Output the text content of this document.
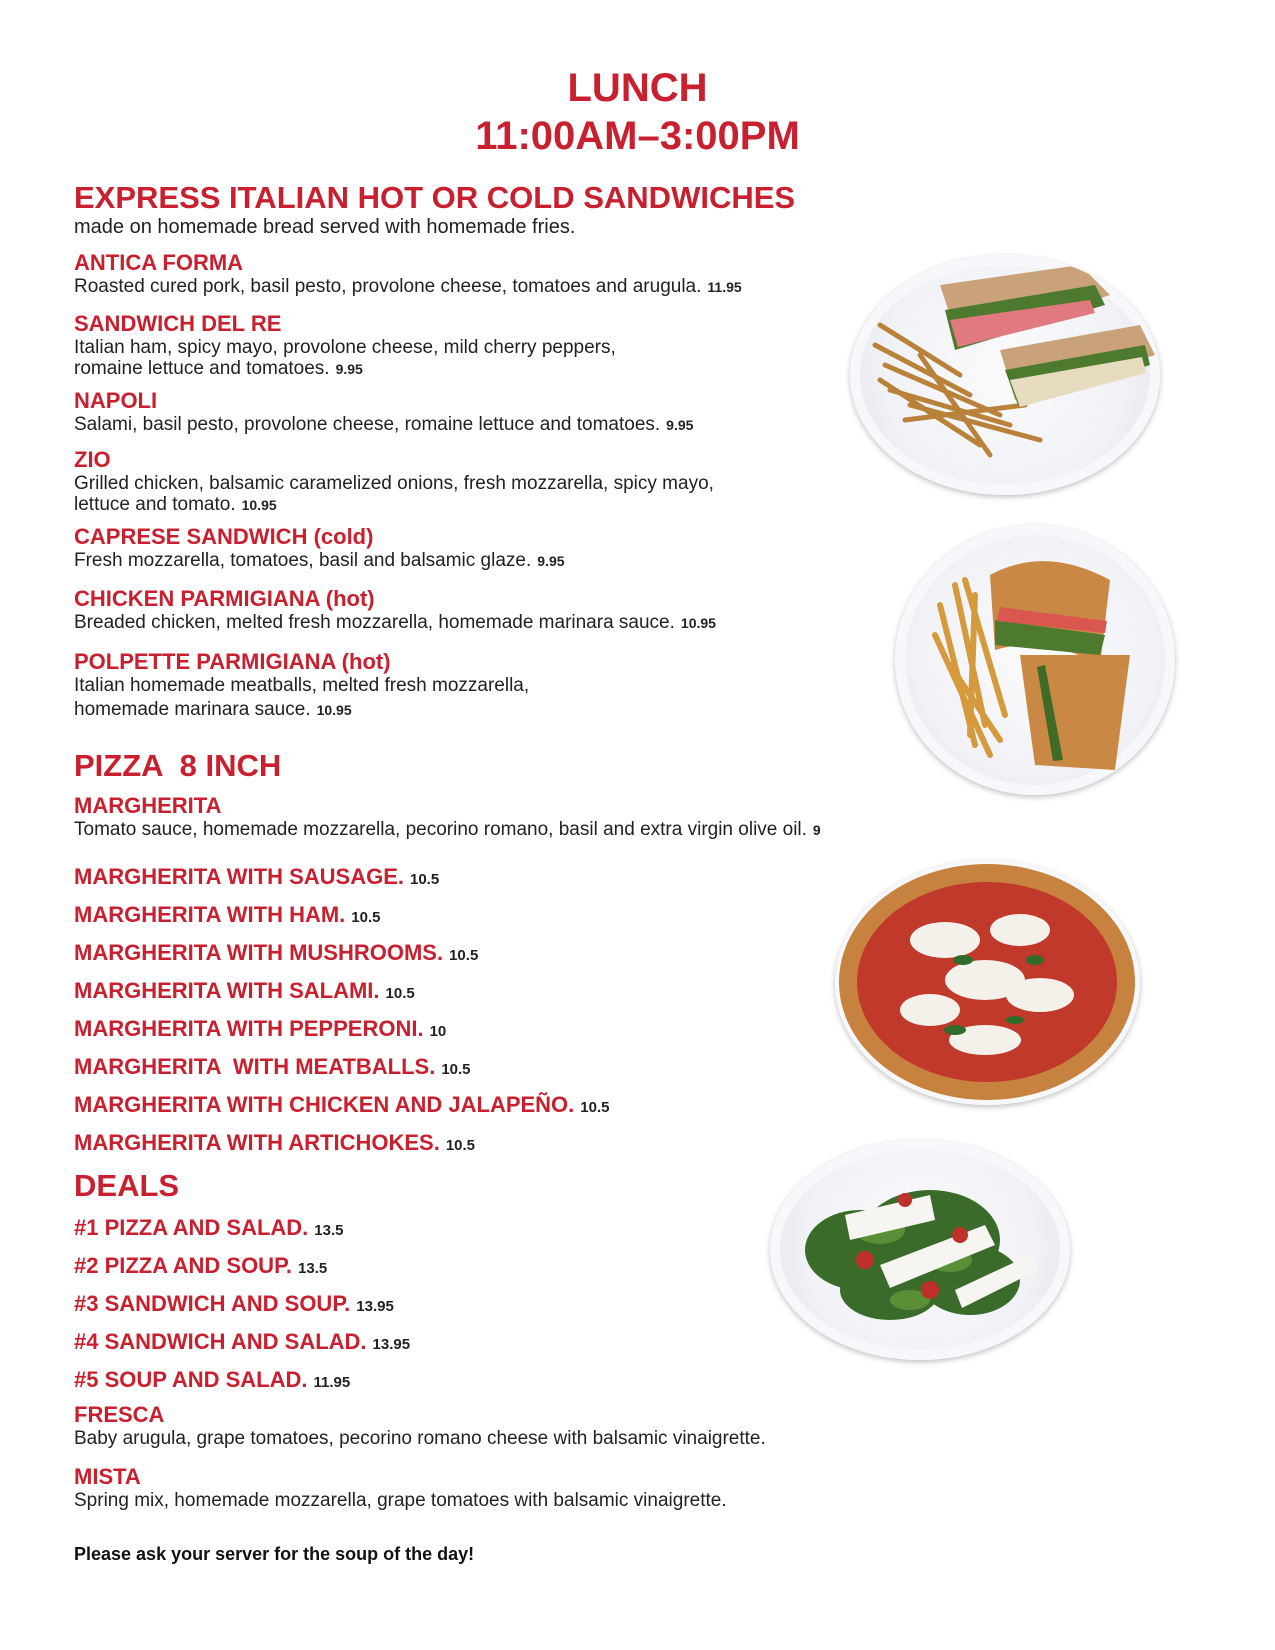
LUNCH
11:00AM–3:00PM
EXPRESS ITALIAN HOT OR COLD SANDWICHES
made on homemade bread served with homemade fries.
ANTICA FORMA
Roasted cured pork, basil pesto, provolone cheese, tomatoes and arugula. 11.95
SANDWICH DEL RE
Italian ham, spicy mayo, provolone cheese, mild cherry peppers,
romaine lettuce and tomatoes. 9.95
NAPOLI
Salami, basil pesto, provolone cheese, romaine lettuce and tomatoes. 9.95
ZIO
Grilled chicken, balsamic caramelized onions, fresh mozzarella, spicy mayo,
lettuce and tomato. 10.95
CAPRESE SANDWICH (cold)
Fresh mozzarella, tomatoes, basil and balsamic glaze. 9.95
CHICKEN PARMIGIANA (hot)
Breaded chicken, melted fresh mozzarella, homemade marinara sauce. 10.95
POLPETTE PARMIGIANA (hot)
Italian homemade meatballs, melted fresh mozzarella,
homemade marinara sauce. 10.95
PIZZA  8 INCH
MARGHERITA
Tomato sauce, homemade mozzarella, pecorino romano, basil and extra virgin olive oil. 9
MARGHERITA WITH SAUSAGE. 10.5
MARGHERITA WITH HAM. 10.5
MARGHERITA WITH MUSHROOMS. 10.5
MARGHERITA WITH SALAMI. 10.5
MARGHERITA WITH PEPPERONI. 10
MARGHERITA  WITH MEATBALLS. 10.5
MARGHERITA WITH CHICKEN AND JALAPEÑO. 10.5
MARGHERITA WITH ARTICHOKES. 10.5
DEALS
#1 PIZZA AND SALAD. 13.5
#2 PIZZA AND SOUP. 13.5
#3 SANDWICH AND SOUP. 13.95
#4 SANDWICH AND SALAD. 13.95
#5 SOUP AND SALAD. 11.95
FRESCA
Baby arugula, grape tomatoes, pecorino romano cheese with balsamic vinaigrette.
MISTA
Spring mix, homemade mozzarella, grape tomatoes with balsamic vinaigrette.
Please ask your server for the soup of the day!
